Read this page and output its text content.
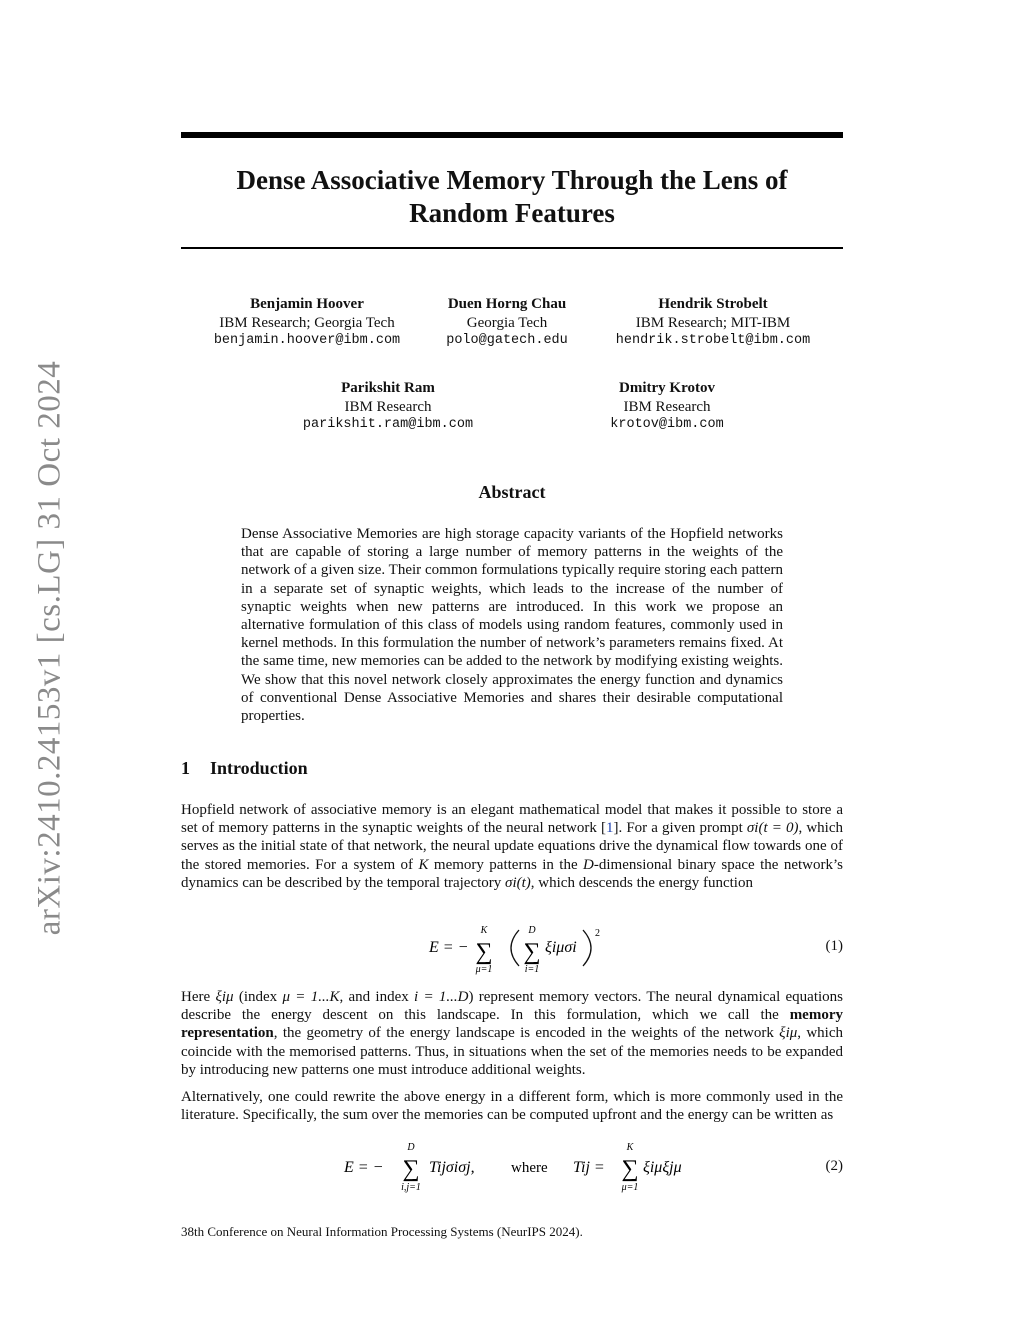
arXiv:2410.24153v1 [cs.LG] 31 Oct 2024
Dense Associative Memory Through the Lens of
Random Features
Benjamin Hoover
IBM Research; Georgia Tech
benjamin.hoover@ibm.com
Duen Horng Chau
Georgia Tech
polo@gatech.edu
Hendrik Strobelt
IBM Research; MIT-IBM
hendrik.strobelt@ibm.com
Parikshit Ram
IBM Research
parikshit.ram@ibm.com
Dmitry Krotov
IBM Research
krotov@ibm.com
Abstract

Dense Associative Memories are high storage capacity variants of the Hopfield networks that are capable of storing a large number of memory patterns in the weights of the network of a given size. Their common formulations typically require storing each pattern in a separate set of synaptic weights, which leads to the increase of the number of synaptic weights when new patterns are introduced. In this work we propose an alternative formulation of this class of models using random features, commonly used in kernel methods. In this formulation the number of network’s parameters remains fixed. At the same time, new memories can be added to the network by modifying existing weights. We show that this novel network closely approximates the energy function and dynamics of conventional Dense Associative Memories and shares their desirable computational properties.

1 Introduction

Hopfield network of associative memory is an elegant mathematical model that makes it possible to store a set of memory patterns in the synaptic weights of the neural network [1]. For a given prompt σi(t = 0), which serves as the initial state of that network, the neural update equations drive the dynamical flow towards one of the stored memories. For a system of K memory patterns in the D-dimensional binary space the network’s dynamics can be described by the temporal trajectory σi(t), which descends the energy function

E = −
K
∑
μ=1
D
∑
i=1
ξiμσi
2
(1)

Here ξiμ (index μ = 1...K, and index i = 1...D) represent memory vectors. The neural dynamical equations describe the energy descent on this landscape. In this formulation, which we call the memory representation, the geometry of the energy landscape is encoded in the weights of the network ξiμ, which coincide with the memorised patterns. Thus, in situations when the set of the memories needs to be expanded by introducing new patterns one must introduce additional weights.

Alternatively, one could rewrite the above energy in a different form, which is more commonly used in the literature. Specifically, the sum over the memories can be computed upfront and the energy can be written as

E = −
D
∑
i,j=1
Tijσiσj, where Tij =
K
∑
μ=1
ξiμξjμ	(2)

38th Conference on Neural Information Processing Systems (NeurIPS 2024).
